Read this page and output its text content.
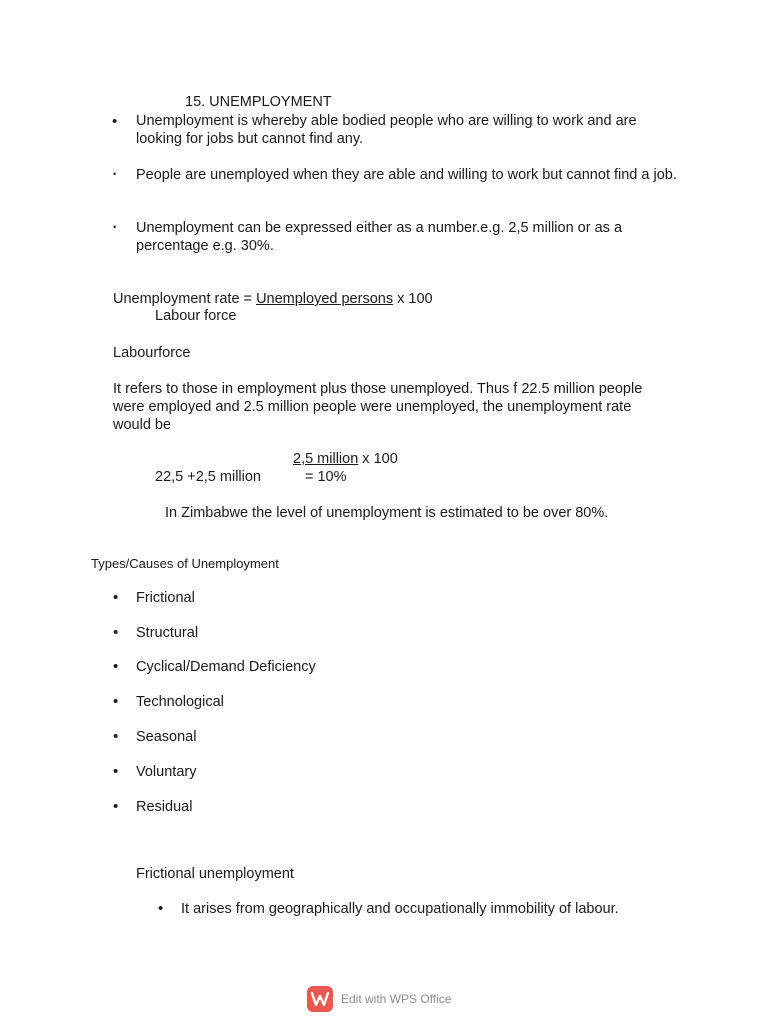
15. UNEMPLOYMENT
• Unemployment is whereby able bodied people who are willing to work and are looking for jobs but cannot find any.
• People are unemployed when they are able and willing to work but cannot find a job.
• Unemployment can be expressed either as a number.e.g. 2,5 million or as a percentage e.g. 30%.
Unemployment rate = Unemployed persons x 100
Labour force
Labourforce
It refers to those in employment plus those unemployed. Thus f 22.5 million people were employed and 2.5 million people were unemployed, the unemployment rate would be
2,5 million x 100
22,5 +2,5 million	= 10%
In Zimbabwe the level of unemployment is estimated to be over 80%.
Types/Causes of Unemployment
• Frictional
• Structural
• Cyclical/Demand Deficiency
• Technological
• Seasonal
• Voluntary
• Residual
Frictional unemployment
• It arises from geographically and occupationally immobility of labour.
Edit with WPS Office
